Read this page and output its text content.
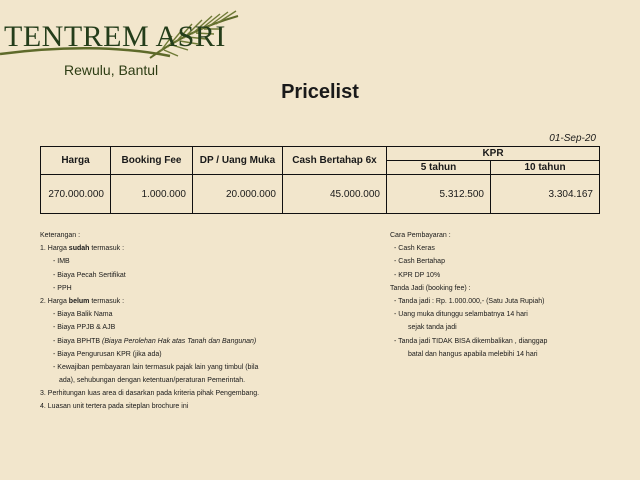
TENTREM ASRI
Rewulu, Bantul
Pricelist
01-Sep-20
Harga	Booking Fee	DP / Uang Muka	Cash Bertahap 6x	KPR	
				5 tahun	10 tahun
270.000.000	1.000.000	20.000.000	45.000.000	5.312.500	3.304.167
Keterangan :
1. Harga sudah termasuk :
- IMB
- Biaya Pecah Sertifikat
- PPH
2. Harga belum termasuk :
- Biaya Balik Nama
- Biaya PPJB & AJB
- Biaya BPHTB (Biaya Perolehan Hak atas Tanah dan Bangunan)
- Biaya Pengurusan KPR (jika ada)
- Kewajiban pembayaran lain termasuk pajak lain yang timbul (bila
ada), sehubungan dengan ketentuan/peraturan Pemerintah.
3. Perhitungan luas area di dasarkan pada kriteria pihak Pengembang.
4. Luasan unit tertera pada siteplan brochure ini
Cara Pembayaran :
- Cash Keras
- Cash Bertahap
- KPR DP 10%
Tanda Jadi (booking fee) :
- Tanda jadi : Rp. 1.000.000,- (Satu Juta Rupiah)
- Uang muka ditunggu selambatnya 14 hari
sejak tanda jadi
- Tanda jadi TIDAK BISA dikembalikan , dianggap
batal dan hangus apabila melebihi 14 hari
